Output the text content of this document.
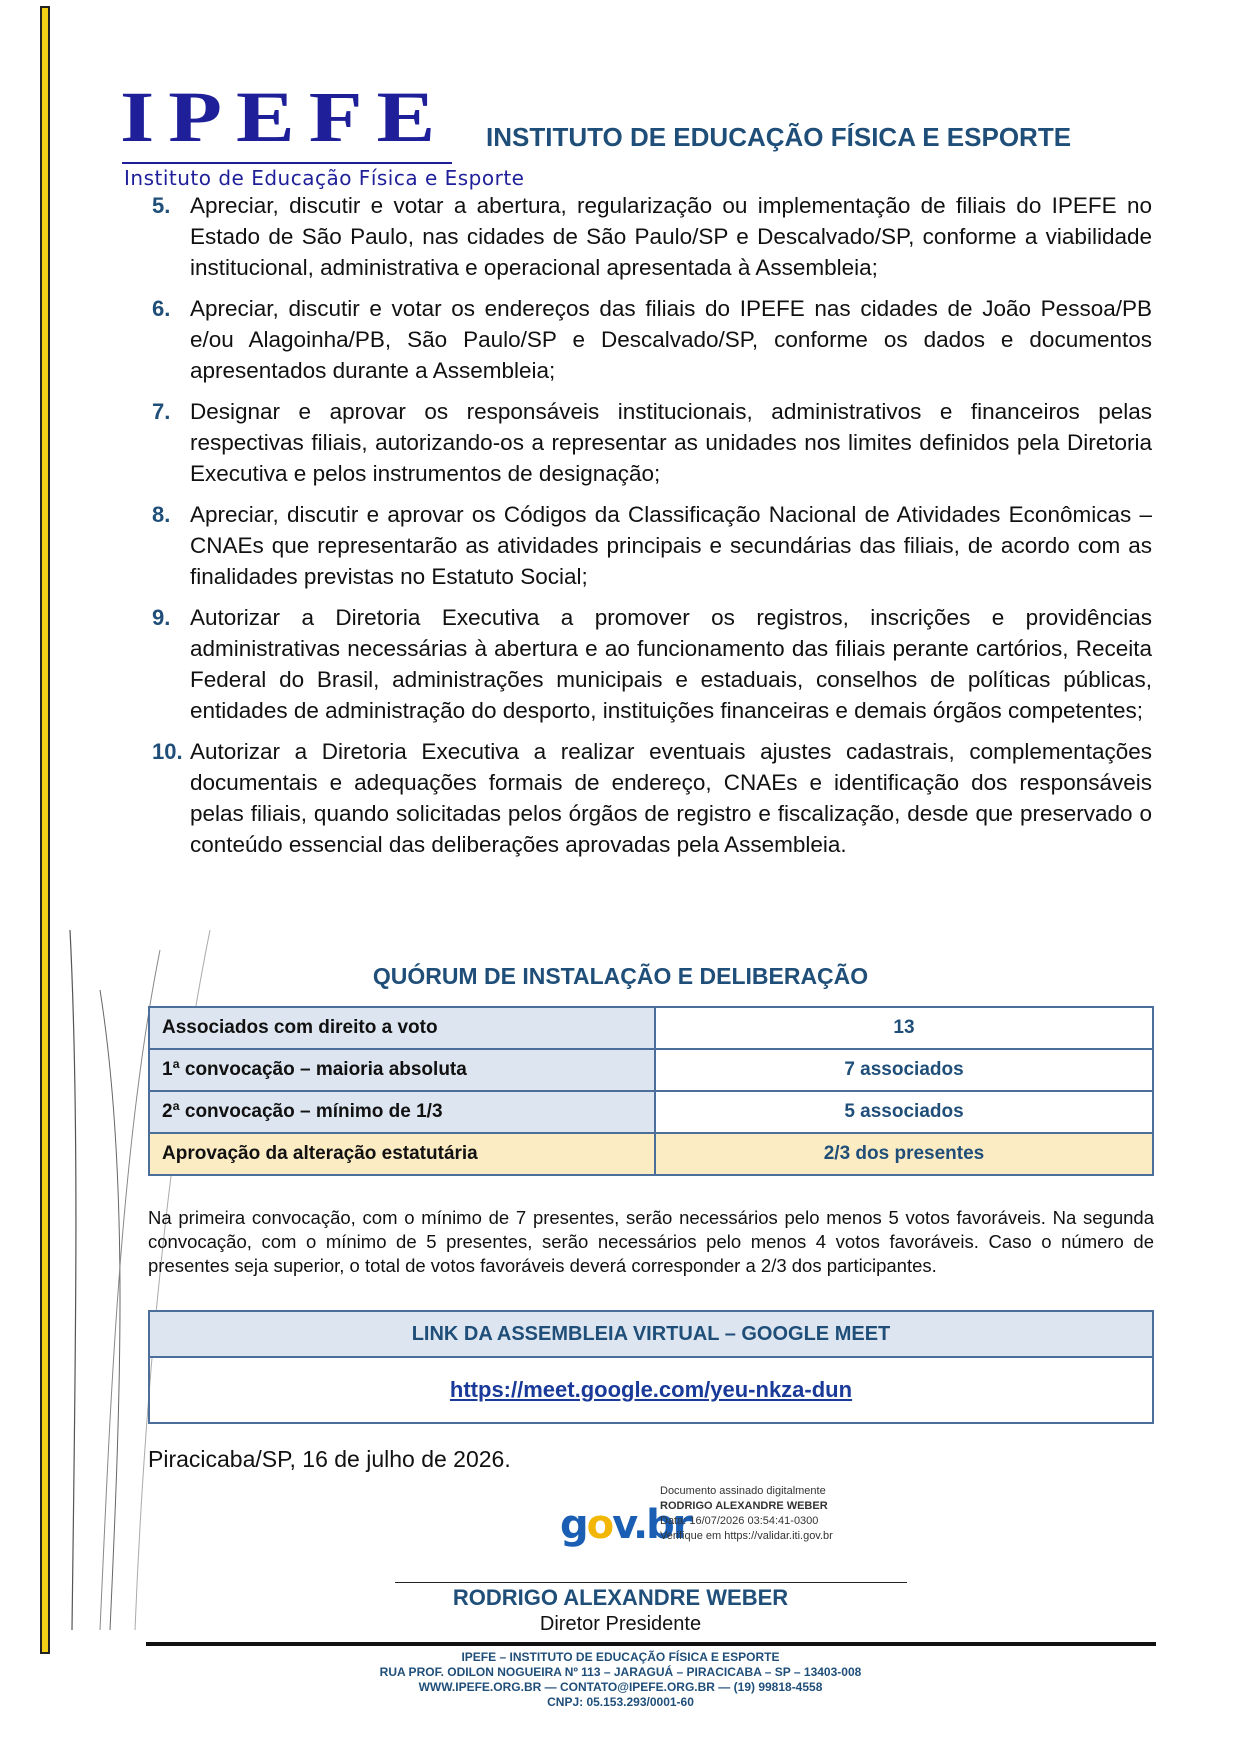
IPEFE
Instituto de Educação Física e Esporte
INSTITUTO DE EDUCAÇÃO FÍSICA E ESPORTE
5. Apreciar, discutir e votar a abertura, regularização ou implementação de filiais do IPEFE no Estado de São Paulo, nas cidades de São Paulo/SP e Descalvado/SP, conforme a viabilidade institucional, administrativa e operacional apresentada à Assembleia;
6. Apreciar, discutir e votar os endereços das filiais do IPEFE nas cidades de João Pessoa/PB e/ou Alagoinha/PB, São Paulo/SP e Descalvado/SP, conforme os dados e documentos apresentados durante a Assembleia;
7. Designar e aprovar os responsáveis institucionais, administrativos e financeiros pelas respectivas filiais, autorizando-os a representar as unidades nos limites definidos pela Diretoria Executiva e pelos instrumentos de designação;
8. Apreciar, discutir e aprovar os Códigos da Classificação Nacional de Atividades Econômicas – CNAEs que representarão as atividades principais e secundárias das filiais, de acordo com as finalidades previstas no Estatuto Social;
9. Autorizar a Diretoria Executiva a promover os registros, inscrições e providências administrativas necessárias à abertura e ao funcionamento das filiais perante cartórios, Receita Federal do Brasil, administrações municipais e estaduais, conselhos de políticas públicas, entidades de administração do desporto, instituições financeiras e demais órgãos competentes;
10. Autorizar a Diretoria Executiva a realizar eventuais ajustes cadastrais, complementações documentais e adequações formais de endereço, CNAEs e identificação dos responsáveis pelas filiais, quando solicitadas pelos órgãos de registro e fiscalização, desde que preservado o conteúdo essencial das deliberações aprovadas pela Assembleia.
QUÓRUM DE INSTALAÇÃO E DELIBERAÇÃO
Associados com direito a voto	13
1ª convocação – maioria absoluta	7 associados
2ª convocação – mínimo de 1/3	5 associados
Aprovação da alteração estatutária	2/3 dos presentes
Na primeira convocação, com o mínimo de 7 presentes, serão necessários pelo menos 5 votos favoráveis. Na segunda convocação, com o mínimo de 5 presentes, serão necessários pelo menos 4 votos favoráveis. Caso o número de presentes seja superior, o total de votos favoráveis deverá corresponder a 2/3 dos participantes.
LINK DA ASSEMBLEIA VIRTUAL – GOOGLE MEET
https://meet.google.com/yeu-nkza-dun
Piracicaba/SP, 16 de julho de 2026.
gov.br
Documento assinado digitalmente
RODRIGO ALEXANDRE WEBER
Data: 16/07/2026 03:54:41-0300
Verifique em https://validar.iti.gov.br
RODRIGO ALEXANDRE WEBER
Diretor Presidente
IPEFE – INSTITUTO DE EDUCAÇÃO FÍSICA E ESPORTE
RUA PROF. ODILON NOGUEIRA Nº 113 – JARAGUÁ – PIRACICABA – SP – 13403-008
WWW.IPEFE.ORG.BR — CONTATO@IPEFE.ORG.BR — (19) 99818-4558
CNPJ: 05.153.293/0001-60
